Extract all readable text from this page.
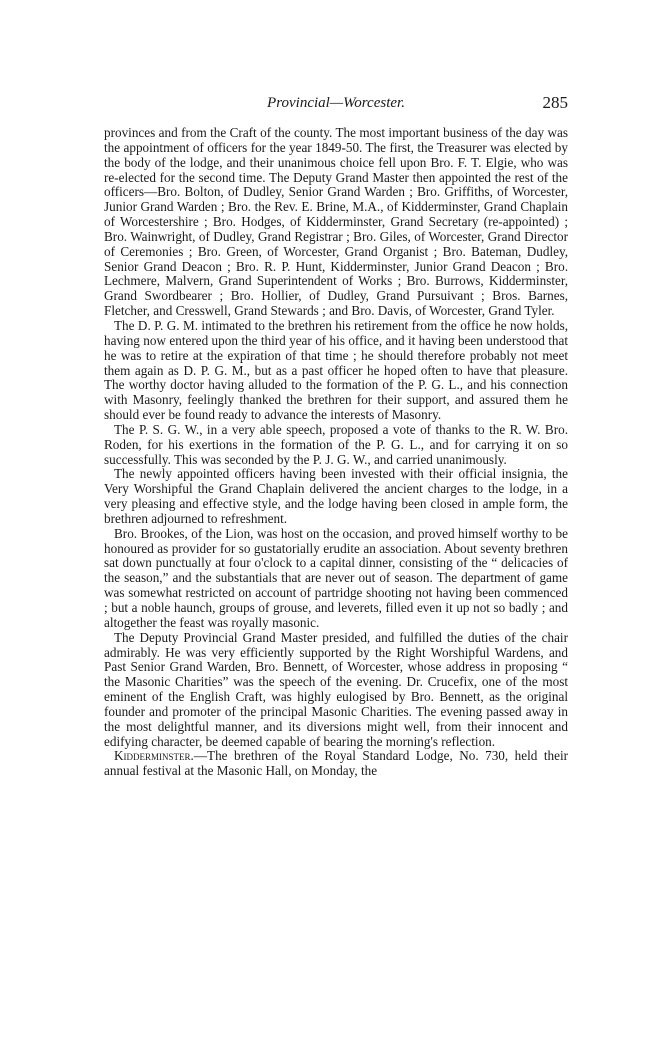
Provincial—Worcester.	285

provinces and from the Craft of the county. The most important business of the day was the appointment of officers for the year 1849-50. The first, the Treasurer was elected by the body of the lodge, and their unanimous choice fell upon Bro. F. T. Elgie, who was re-elected for the second time. The Deputy Grand Master then appointed the rest of the officers—Bro. Bolton, of Dudley, Senior Grand Warden ; Bro. Griffiths, of Worcester, Junior Grand Warden ; Bro. the Rev. E. Brine, M.A., of Kidderminster, Grand Chaplain of Worcestershire ; Bro. Hodges, of Kidderminster, Grand Secretary (re-appointed) ; Bro. Wainwright, of Dudley, Grand Registrar ; Bro. Giles, of Worcester, Grand Director of Ceremonies ; Bro. Green, of Worcester, Grand Organist ; Bro. Bateman, Dudley, Senior Grand Deacon ; Bro. R. P. Hunt, Kidderminster, Junior Grand Deacon ; Bro. Lechmere, Malvern, Grand Superintendent of Works ; Bro. Burrows, Kidderminster, Grand Swordbearer ; Bro. Hollier, of Dudley, Grand Pursuivant ; Bros. Barnes, Fletcher, and Cresswell, Grand Stewards ; and Bro. Davis, of Worcester, Grand Tyler.

The D. P. G. M. intimated to the brethren his retirement from the office he now holds, having now entered upon the third year of his office, and it having been understood that he was to retire at the expiration of that time ; he should therefore probably not meet them again as D. P. G. M., but as a past officer he hoped often to have that pleasure. The worthy doctor having alluded to the formation of the P. G. L., and his connection with Masonry, feelingly thanked the brethren for their support, and assured them he should ever be found ready to advance the interests of Masonry.

The P. S. G. W., in a very able speech, proposed a vote of thanks to the R. W. Bro. Roden, for his exertions in the formation of the P. G. L., and for carrying it on so successfully. This was seconded by the P. J. G. W., and carried unanimously.

The newly appointed officers having been invested with their official insignia, the Very Worshipful the Grand Chaplain delivered the ancient charges to the lodge, in a very pleasing and effective style, and the lodge having been closed in ample form, the brethren adjourned to refreshment.

Bro. Brookes, of the Lion, was host on the occasion, and proved himself worthy to be honoured as provider for so gustatorially erudite an association. About seventy brethren sat down punctually at four o'clock to a capital dinner, consisting of the “ delicacies of the season,” and the substantials that are never out of season. The department of game was somewhat restricted on account of partridge shooting not having been commenced ; but a noble haunch, groups of grouse, and leverets, filled even it up not so badly ; and altogether the feast was royally masonic.

The Deputy Provincial Grand Master presided, and fulfilled the duties of the chair admirably. He was very efficiently supported by the Right Worshipful Wardens, and Past Senior Grand Warden, Bro. Bennett, of Worcester, whose address in proposing “ the Masonic Charities” was the speech of the evening. Dr. Crucefix, one of the most eminent of the English Craft, was highly eulogised by Bro. Bennett, as the original founder and promoter of the principal Masonic Charities. The evening passed away in the most delightful manner, and its diversions might well, from their innocent and edifying character, be deemed capable of bearing the morning's reflection.

Kidderminster.—The brethren of the Royal Standard Lodge, No. 730, held their annual festival at the Masonic Hall, on Monday, the
